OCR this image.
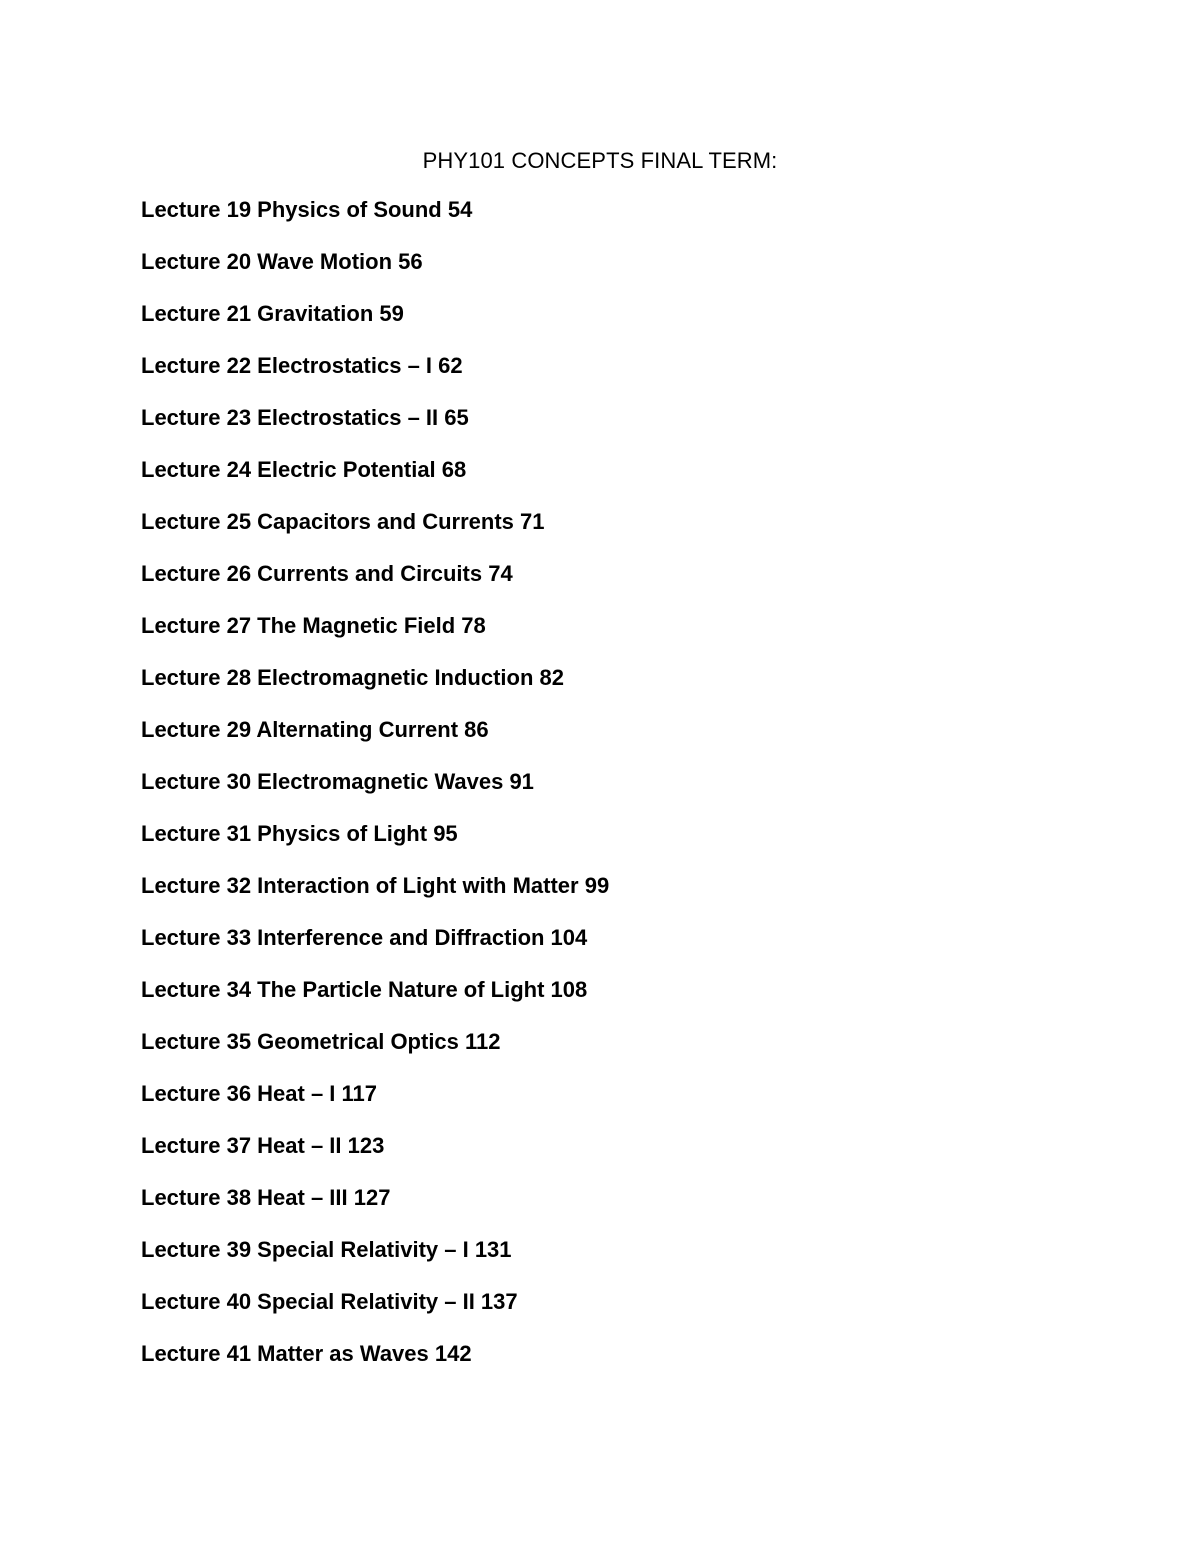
PHY101 CONCEPTS FINAL TERM:
Lecture 19 Physics of Sound 54
Lecture 20 Wave Motion 56
Lecture 21 Gravitation 59
Lecture 22 Electrostatics – I 62
Lecture 23 Electrostatics – II 65
Lecture 24 Electric Potential 68
Lecture 25 Capacitors and Currents 71
Lecture 26 Currents and Circuits 74
Lecture 27 The Magnetic Field 78
Lecture 28 Electromagnetic Induction 82
Lecture 29 Alternating Current 86
Lecture 30 Electromagnetic Waves 91
Lecture 31 Physics of Light 95
Lecture 32 Interaction of Light with Matter 99
Lecture 33 Interference and Diffraction 104
Lecture 34 The Particle Nature of Light 108
Lecture 35 Geometrical Optics 112
Lecture 36 Heat – I 117
Lecture 37 Heat – II 123
Lecture 38 Heat – III 127
Lecture 39 Special Relativity – I 131
Lecture 40 Special Relativity – II 137
Lecture 41 Matter as Waves 142
